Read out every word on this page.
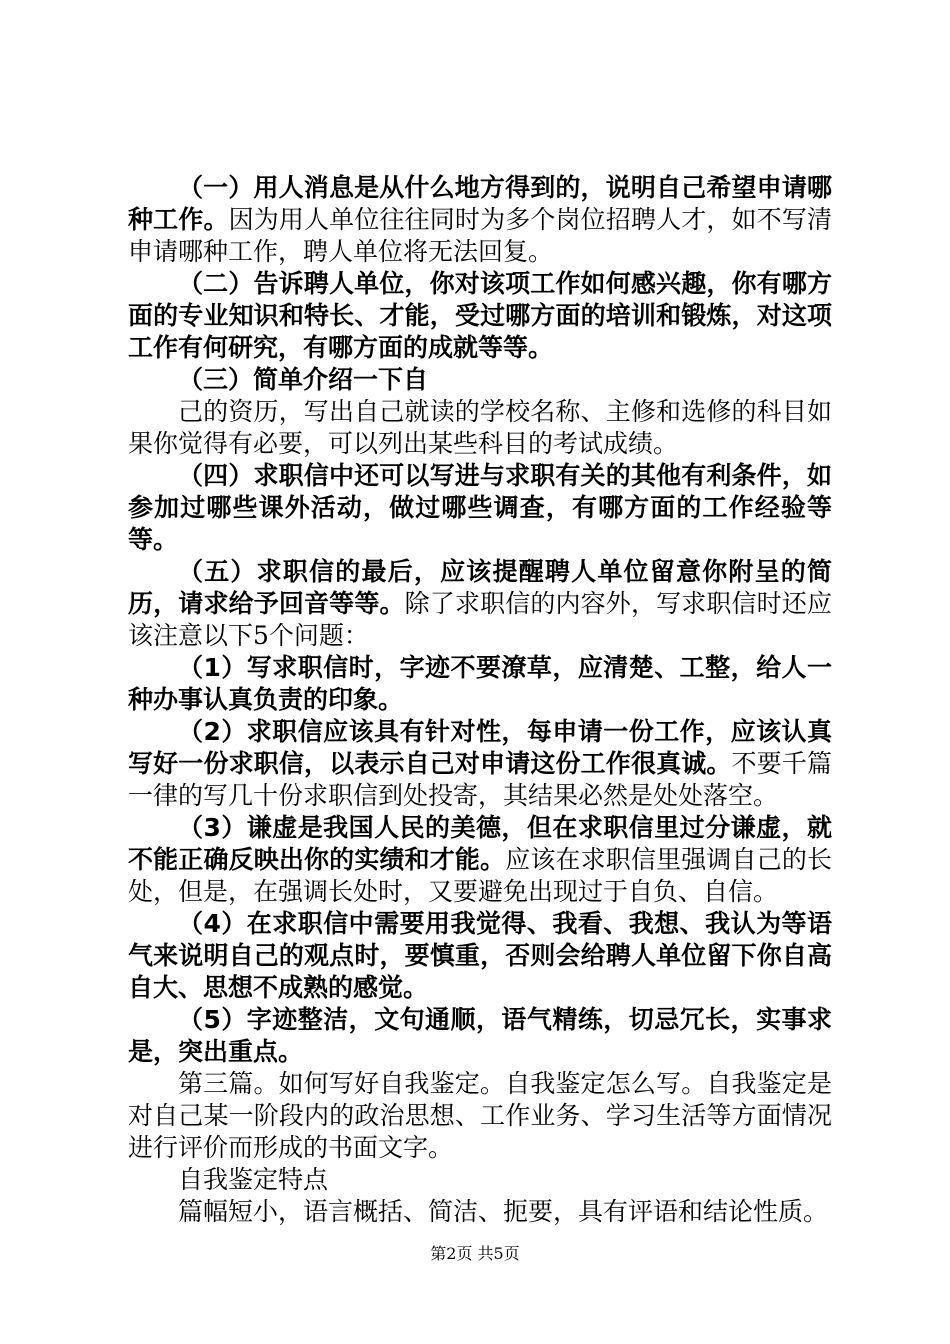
（一）用人消息是从什么地方得到的，说明自己希望申请哪种工作。因为用人单位往往同时为多个岗位招聘人才，如不写清申请哪种工作，聘人单位将无法回复。

（二）告诉聘人单位，你对该项工作如何感兴趣，你有哪方面的专业知识和特长、才能，受过哪方面的培训和锻炼，对这项工作有何研究，有哪方面的成就等等。

（三）简单介绍一下自

己的资历，写出自己就读的学校名称、主修和选修的科目如果你觉得有必要，可以列出某些科目的考试成绩。

（四）求职信中还可以写进与求职有关的其他有利条件，如参加过哪些课外活动，做过哪些调查，有哪方面的工作经验等等。

（五）求职信的最后，应该提醒聘人单位留意你附呈的简历，请求给予回音等等。除了求职信的内容外，写求职信时还应该注意以下5个问题：

（1）写求职信时，字迹不要潦草，应清楚、工整，给人一种办事认真负责的印象。

（2）求职信应该具有针对性，每申请一份工作，应该认真写好一份求职信，以表示自己对申请这份工作很真诚。不要千篇一律的写几十份求职信到处投寄，其结果必然是处处落空。

（3）谦虚是我国人民的美德，但在求职信里过分谦虚，就不能正确反映出你的实绩和才能。应该在求职信里强调自己的长处，但是，在强调长处时，又要避免出现过于自负、自信。

（4）在求职信中需要用我觉得、我看、我想、我认为等语气来说明自己的观点时，要慎重，否则会给聘人单位留下你自高自大、思想不成熟的感觉。

（5）字迹整洁，文句通顺，语气精练，切忌冗长，实事求是，突出重点。

第三篇。如何写好自我鉴定。自我鉴定怎么写。自我鉴定是对自己某一阶段内的政治思想、工作业务、学习生活等方面情况进行评价而形成的书面文字。

自我鉴定特点

篇幅短小，语言概括、简洁、扼要，具有评语和结论性质。

第2页 共5页
